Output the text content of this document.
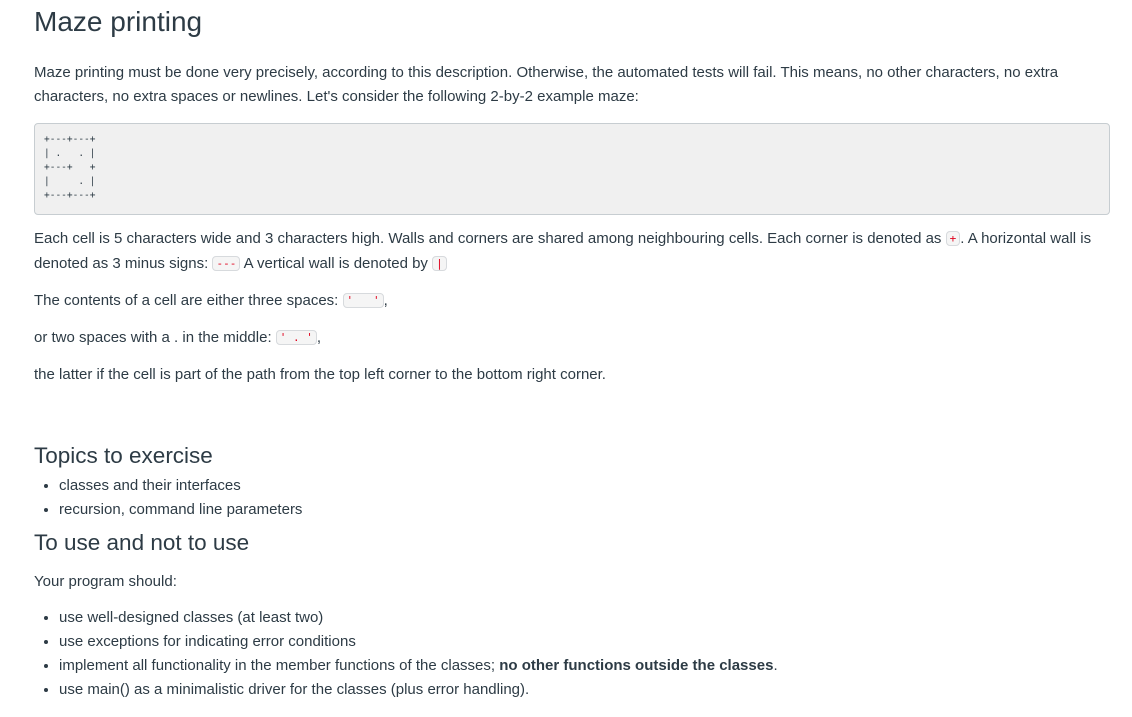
Maze printing

Maze printing must be done very precisely, according to this description. Otherwise, the automated tests will fail. This means, no other characters, no extra characters, no extra spaces or newlines. Let's consider the following 2-by-2 example maze:

+---+---+
| .   . |
+---+   +
|     . |
+---+---+

Each cell is 5 characters wide and 3 characters high. Walls and corners are shared among neighbouring cells. Each corner is denoted as + . A horizontal wall is denoted as 3 minus signs: --- A vertical wall is denoted by |

The contents of a cell are either three spaces: '   ' ,

or two spaces with a . in the middle: ' . ' ,

the latter if the cell is part of the path from the top left corner to the bottom right corner.

Topics to exercise
• classes and their interfaces
• recursion, command line parameters
To use and not to use

Your program should:

• use well-designed classes (at least two)
• use exceptions for indicating error conditions
• implement all functionality in the member functions of the classes; no other functions outside the classes.
• use main() as a minimalistic driver for the classes (plus error handling).
